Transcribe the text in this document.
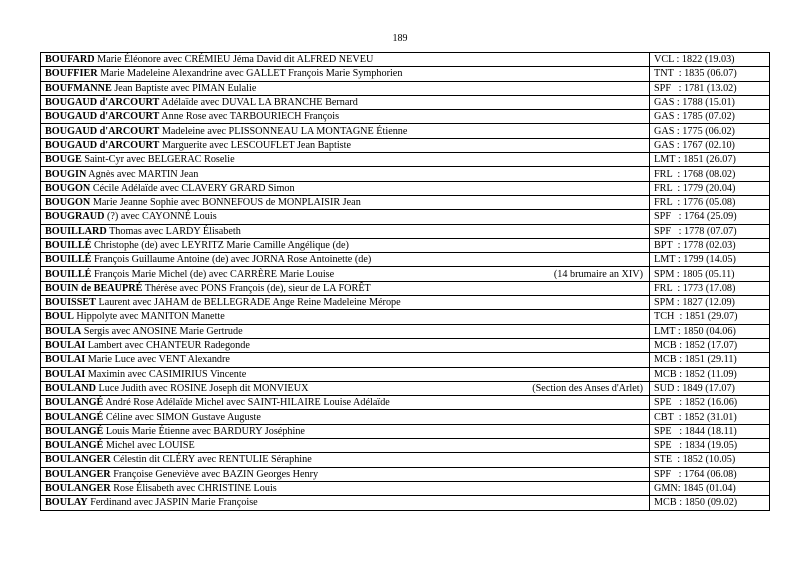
189
BOUFARD Marie Éléonore avec CRÉMIEU Jéma David dit ALFRED NEVEU	VCL : 1822 (19.03)

BOUFFIER Marie Madeleine Alexandrine avec GALLET François Marie Symphorien	TNT  : 1835 (06.07)

BOUFMANNE Jean Baptiste avec PIMAN Eulalie	SPF   : 1781 (13.02)

BOUGAUD d'ARCOURT Adélaïde avec DUVAL LA BRANCHE Bernard	GAS : 1788 (15.01)

BOUGAUD d'ARCOURT Anne Rose avec TARBOURIECH François	GAS : 1785 (07.02)

BOUGAUD d'ARCOURT Madeleine avec PLISSONNEAU LA MONTAGNE Étienne	GAS : 1775 (06.02)

BOUGAUD d'ARCOURT Marguerite avec LESCOUFLET Jean Baptiste	GAS : 1767 (02.10)

BOUGE Saint-Cyr avec BELGERAC Roselie	LMT : 1851 (26.07)

BOUGIN Agnès avec MARTIN Jean	FRL  : 1768 (08.02)

BOUGON Cécile Adélaïde avec CLAVERY GRARD Simon	FRL  : 1779 (20.04)

BOUGON Marie Jeanne Sophie avec BONNEFOUS de MONPLAISIR Jean	FRL  : 1776 (05.08)

BOUGRAUD (?) avec CAYONNÉ Louis	SPF   : 1764 (25.09)

BOUILLARD Thomas avec LARDY Élisabeth	SPF   : 1778 (07.07)

BOUILLÉ Christophe (de) avec LEYRITZ Marie Camille Angélique (de)	BPT  : 1778 (02.03)

BOUILLÉ François Guillaume Antoine (de) avec JORNA Rose Antoinette (de)	LMT : 1799 (14.05)

BOUILLÉ François Marie Michel (de) avec CARRÈRE Marie Louise (14 brumaire an XIV)	SPM : 1805 (05.11)

BOUIN de BEAUPRÉ Thérèse avec PONS François (de), sieur de LA FORÊT	FRL  : 1773 (17.08)

BOUISSET Laurent avec JAHAM de BELLEGRADE Ange Reine Madeleine Mérope	SPM : 1827 (12.09)

BOUL Hippolyte avec MANITON Manette	TCH  : 1851 (29.07)

BOULA Sergis avec ANOSINE Marie Gertrude	LMT : 1850 (04.06)

BOULAI Lambert avec CHANTEUR Radegonde	MCB : 1852 (17.07)

BOULAI Marie Luce avec VENT Alexandre	MCB : 1851 (29.11)

BOULAI Maximin avec CASIMIRIUS Vincente	MCB : 1852 (11.09)

BOULAND Luce Judith avec ROSINE Joseph dit MONVIEUX (Section des Anses d'Arlet)	SUD : 1849 (17.07)

BOULANGÉ André Rose Adélaïde Michel avec SAINT-HILAIRE Louise Adélaïde	SPE   : 1852 (16.06)

BOULANGÉ Céline avec SIMON Gustave Auguste	CBT  : 1852 (31.01)

BOULANGÉ Louis Marie Étienne avec BARDURY Joséphine	SPE   : 1844 (18.11)

BOULANGÉ Michel avec LOUISE	SPE   : 1834 (19.05)

BOULANGER Célestin dit CLÉRY avec RENTULIE Séraphine	STE  : 1852 (10.05)

BOULANGER Françoise Geneviève avec BAZIN Georges Henry	SPF   : 1764 (06.08)

BOULANGER Rose Élisabeth avec CHRISTINE Louis	GMN: 1845 (01.04)

BOULAY Ferdinand avec JASPIN Marie Françoise	MCB : 1850 (09.02)
